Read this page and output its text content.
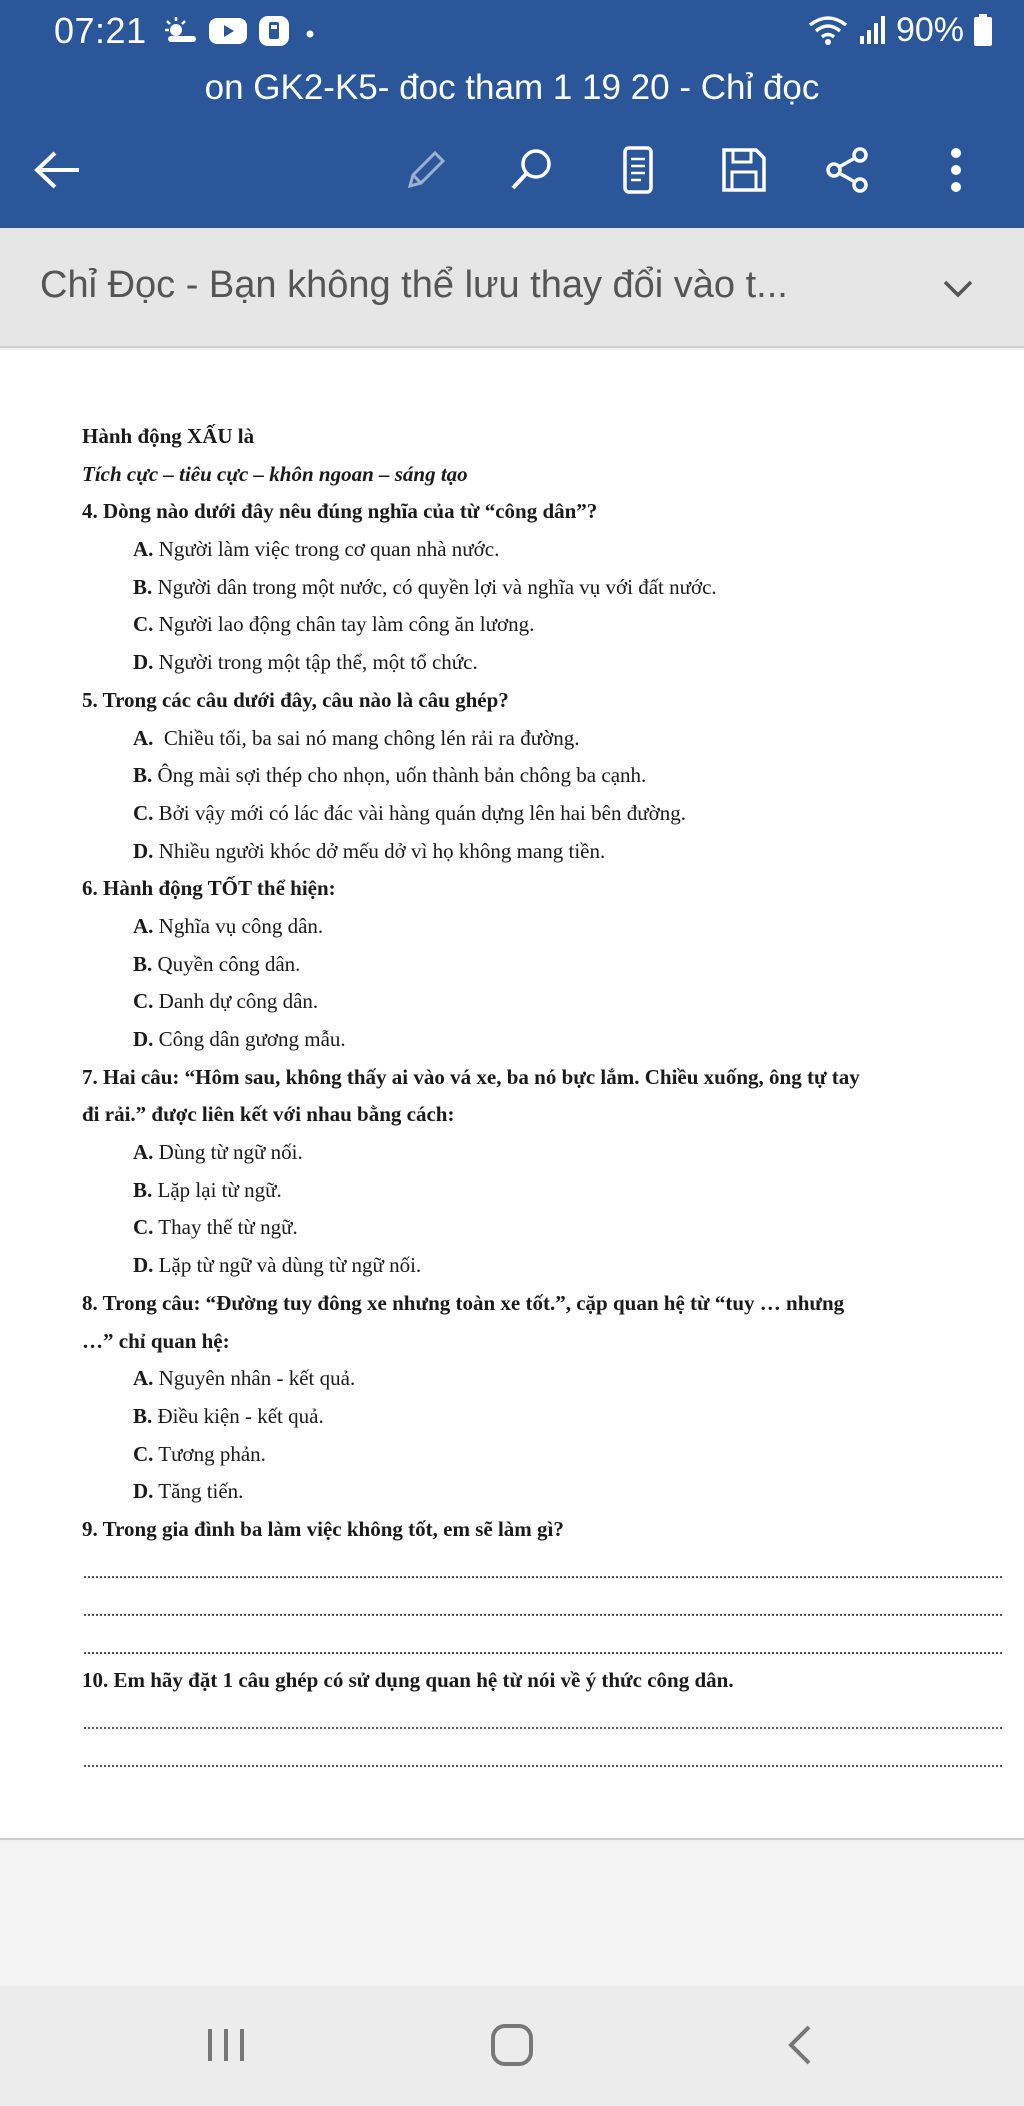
07:21	90%
on GK2-K5- đoc tham 1 19 20 - Chỉ đọc
Chỉ Đọc - Bạn không thể lưu thay đổi vào t...
Hành động XẤU là
Tích cực – tiêu cực – khôn ngoan – sáng tạo
4. Dòng nào dưới đây nêu đúng nghĩa của từ “công dân”?
A. Người làm việc trong cơ quan nhà nước.
B. Người dân trong một nước, có quyền lợi và nghĩa vụ với đất nước.
C. Người lao động chân tay làm công ăn lương.
D. Người trong một tập thể, một tổ chức.
5. Trong các câu dưới đây, câu nào là câu ghép?
A.  Chiều tối, ba sai nó mang chông lén rải ra đường.
B. Ông mài sợi thép cho nhọn, uốn thành bản chông ba cạnh.
C. Bởi vậy mới có lác đác vài hàng quán dựng lên hai bên đường.
D. Nhiều người khóc dở mếu dở vì họ không mang tiền.
6. Hành động TỐT thể hiện:
A. Nghĩa vụ công dân.
B. Quyền công dân.
C. Danh dự công dân.
D. Công dân gương mẫu.
7. Hai câu: “Hôm sau, không thấy ai vào vá xe, ba nó bực lắm. Chiều xuống, ông tự tay
đi rải.” được liên kết với nhau bằng cách:
A. Dùng từ ngữ nối.
B. Lặp lại từ ngữ.
C. Thay thế từ ngữ.
D. Lặp từ ngữ và dùng từ ngữ nối.
8. Trong câu: “Đường tuy đông xe nhưng toàn xe tốt.”, cặp quan hệ từ “tuy … nhưng
…” chỉ quan hệ:
A. Nguyên nhân - kết quả.
B. Điều kiện - kết quả.
C. Tương phản.
D. Tăng tiến.
9. Trong gia đình ba làm việc không tốt, em sẽ làm gì?
10. Em hãy đặt 1 câu ghép có sử dụng quan hệ từ nói về ý thức công dân.
